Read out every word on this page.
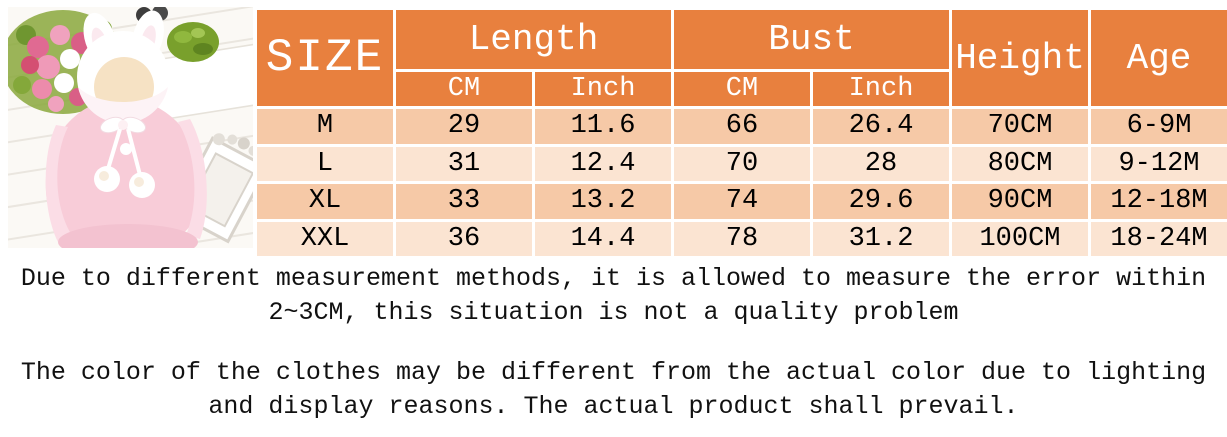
SIZE	Length	Bust	Height	Age
CM	Inch	CM	Inch
M	29	11.6	66	26.4	70CM	6-9M
L	31	12.4	70	28	80CM	9-12M
XL	33	13.2	74	29.6	90CM	12-18M
XXL	36	14.4	78	31.2	100CM	18-24M

Due to different measurement methods, it is allowed to measure the error within 2~3CM, this situation is not a quality problem

The color of the clothes may be different from the actual color due to lighting and display reasons. The actual product shall prevail.
